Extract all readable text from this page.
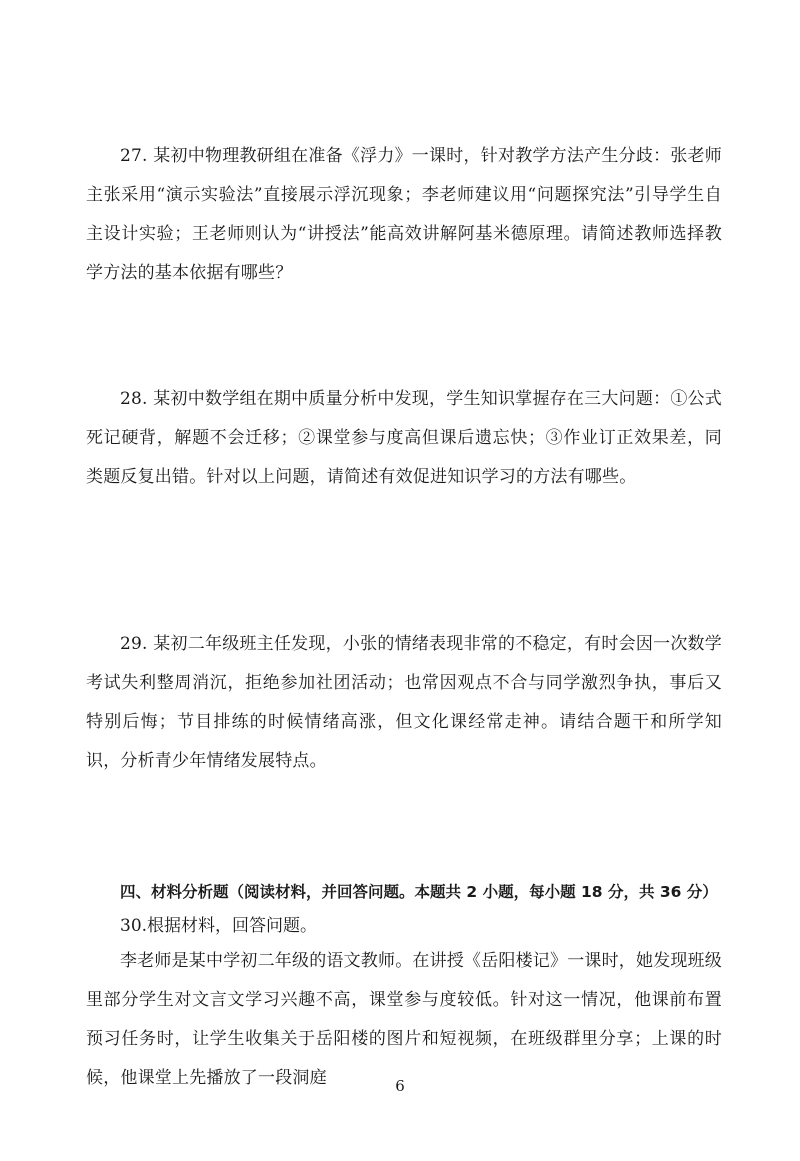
27. 某初中物理教研组在准备《浮力》一课时，针对教学方法产生分歧：张老师主张采用“演示实验法”直接展示浮沉现象；李老师建议用“问题探究法”引导学生自主设计实验；王老师则认为“讲授法”能高效讲解阿基米德原理。请简述教师选择教学方法的基本依据有哪些？

28. 某初中数学组在期中质量分析中发现，学生知识掌握存在三大问题：①公式死记硬背，解题不会迁移；②课堂参与度高但课后遗忘快；③作业订正效果差，同类题反复出错。针对以上问题，请简述有效促进知识学习的方法有哪些。

29. 某初二年级班主任发现，小张的情绪表现非常的不稳定，有时会因一次数学考试失利整周消沉，拒绝参加社团活动；也常因观点不合与同学激烈争执，事后又特别后悔；节目排练的时候情绪高涨，但文化课经常走神。请结合题干和所学知识，分析青少年情绪发展特点。

四、材料分析题（阅读材料，并回答问题。本题共 2 小题，每小题 18 分，共 36 分）

30.根据材料，回答问题。

李老师是某中学初二年级的语文教师。在讲授《岳阳楼记》一课时，她发现班级里部分学生对文言文学习兴趣不高，课堂参与度较低。针对这一情况，他课前布置预习任务时，让学生收集关于岳阳楼的图片和短视频，在班级群里分享；上课的时候，他课堂上先播放了一段洞庭	6
